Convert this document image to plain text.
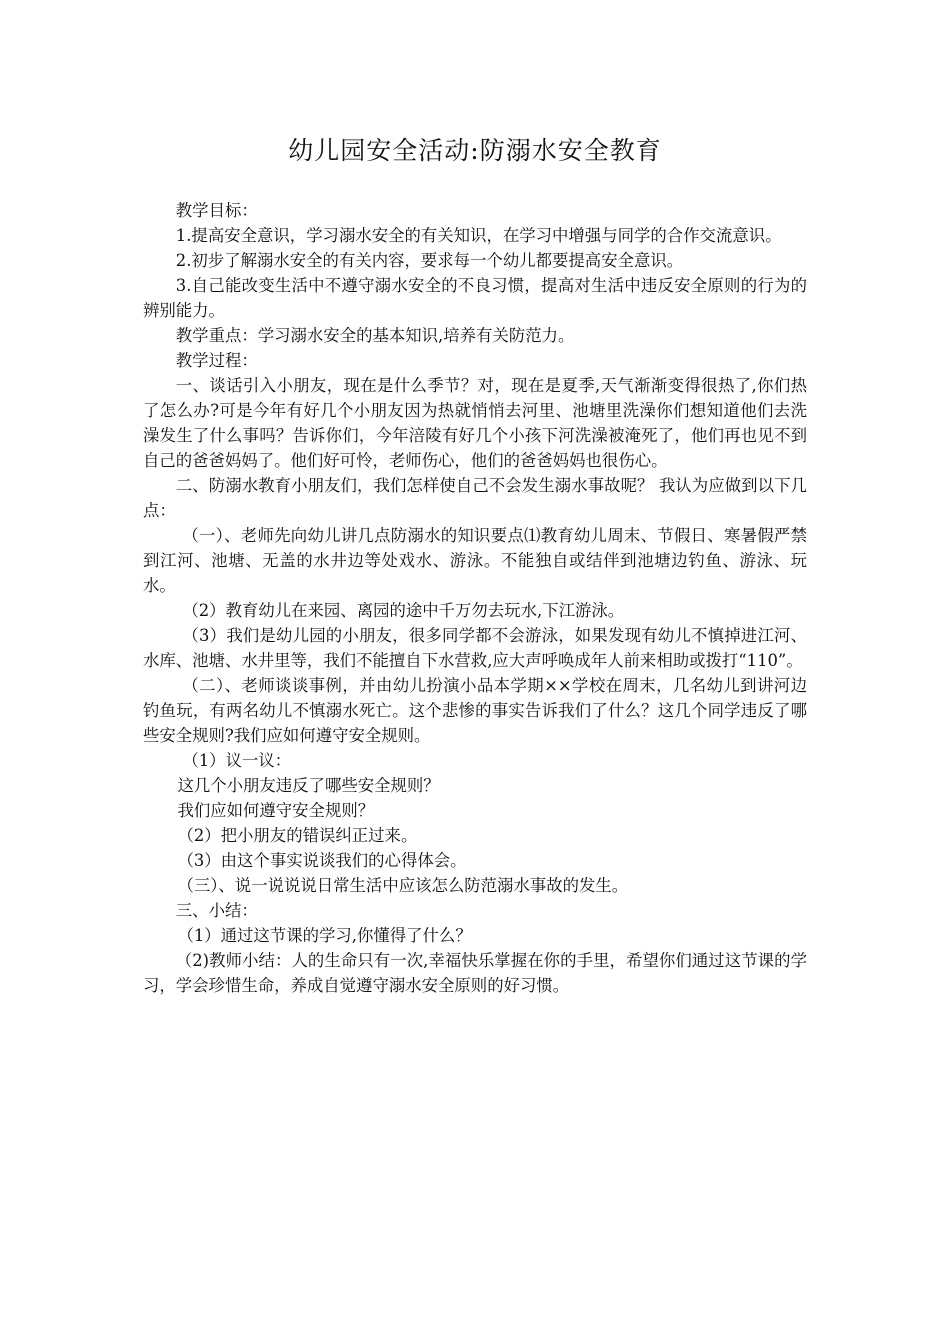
幼儿园安全活动:防溺水安全教育

教学目标：

1.提高安全意识，学习溺水安全的有关知识，在学习中增强与同学的合作交流意识。

2.初步了解溺水安全的有关内容，要求每一个幼儿都要提高安全意识。

3.自己能改变生活中不遵守溺水安全的不良习惯，提高对生活中违反安全原则的行为的辨别能力。

教学重点：学习溺水安全的基本知识,培养有关防范力。

教学过程：

一、谈话引入小朋友，现在是什么季节？对，现在是夏季,天气渐渐变得很热了,你们热了怎么办?可是今年有好几个小朋友因为热就悄悄去河里、池塘里洗澡你们想知道他们去洗澡发生了什么事吗？告诉你们，今年涪陵有好几个小孩下河洗澡被淹死了，他们再也见不到自己的爸爸妈妈了。他们好可怜，老师伤心，他们的爸爸妈妈也很伤心。

二、防溺水教育小朋友们，我们怎样使自己不会发生溺水事故呢？ 我认为应做到以下几点：

（一）、老师先向幼儿讲几点防溺水的知识要点⑴教育幼儿周末、节假日、寒暑假严禁到江河、池塘、无盖的水井边等处戏水、游泳。不能独自或结伴到池塘边钓鱼、游泳、玩水。

（2）教育幼儿在来园、离园的途中千万勿去玩水,下江游泳。

（3）我们是幼儿园的小朋友，很多同学都不会游泳，如果发现有幼儿不慎掉进江河、水库、池塘、水井里等，我们不能擅自下水营救,应大声呼唤成年人前来相助或拨打“110”。

（二）、老师谈谈事例，并由幼儿扮演小品本学期××学校在周末，几名幼儿到讲河边钓鱼玩，有两名幼儿不慎溺水死亡。这个悲惨的事实告诉我们了什么？这几个同学违反了哪些安全规则?我们应如何遵守安全规则。

（1）议一议：

这几个小朋友违反了哪些安全规则？

我们应如何遵守安全规则？

（2）把小朋友的错误纠正过来。

（3）由这个事实说谈我们的心得体会。

（三）、说一说说说日常生活中应该怎么防范溺水事故的发生。

三、小结：

（1）通过这节课的学习,你懂得了什么？

（2)教师小结：人的生命只有一次,幸福快乐掌握在你的手里，希望你们通过这节课的学习，学会珍惜生命，养成自觉遵守溺水安全原则的好习惯。
